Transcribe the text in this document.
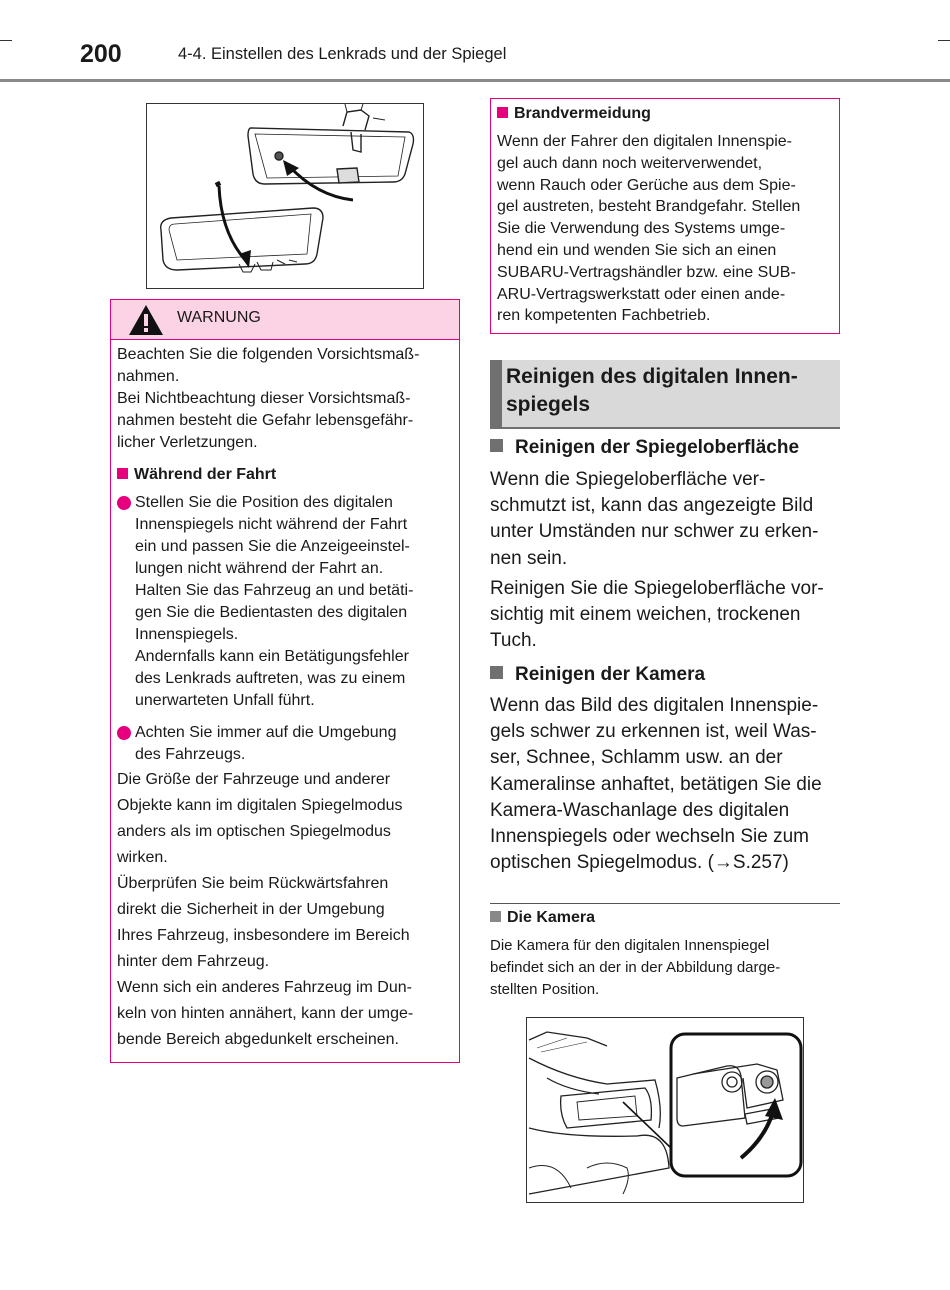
200	4-4. Einstellen des Lenkrads und der Spiegel
WARNUNG
Beachten Sie die folgenden Vorsichtsmaß-
nahmen.
Bei Nichtbeachtung dieser Vorsichtsmaß-
nahmen besteht die Gefahr lebensgefähr-
licher Verletzungen.
Während der Fahrt
Stellen Sie die Position des digitalen
Innenspiegels nicht während der Fahrt
ein und passen Sie die Anzeigeeinstel-
lungen nicht während der Fahrt an.
Halten Sie das Fahrzeug an und betäti-
gen Sie die Bedientasten des digitalen
Innenspiegels.
Andernfalls kann ein Betätigungsfehler
des Lenkrads auftreten, was zu einem
unerwarteten Unfall führt.
Achten Sie immer auf die Umgebung
des Fahrzeugs.
Die Größe der Fahrzeuge und anderer
Objekte kann im digitalen Spiegelmodus
anders als im optischen Spiegelmodus
wirken.
Überprüfen Sie beim Rückwärtsfahren
direkt die Sicherheit in der Umgebung
Ihres Fahrzeug, insbesondere im Bereich
hinter dem Fahrzeug.
Wenn sich ein anderes Fahrzeug im Dun-
keln von hinten annähert, kann der umge-
bende Bereich abgedunkelt erscheinen.
Brandvermeidung
Wenn der Fahrer den digitalen Innenspie-
gel auch dann noch weiterverwendet,
wenn Rauch oder Gerüche aus dem Spie-
gel austreten, besteht Brandgefahr. Stellen
Sie die Verwendung des Systems umge-
hend ein und wenden Sie sich an einen
SUBARU-Vertragshändler bzw. eine SUB-
ARU-Vertragswerkstatt oder einen ande-
ren kompetenten Fachbetrieb.
Reinigen des digitalen Innen-
spiegels
Reinigen der Spiegeloberfläche
Wenn die Spiegeloberfläche ver-
schmutzt ist, kann das angezeigte Bild
unter Umständen nur schwer zu erken-
nen sein.
Reinigen Sie die Spiegeloberfläche vor-
sichtig mit einem weichen, trockenen
Tuch.
Reinigen der Kamera
Wenn das Bild des digitalen Innenspie-
gels schwer zu erkennen ist, weil Was-
ser, Schnee, Schlamm usw. an der
Kameralinse anhaftet, betätigen Sie die
Kamera-Waschanlage des digitalen
Innenspiegels oder wechseln Sie zum
optischen Spiegelmodus. (→S.257)
Die Kamera
Die Kamera für den digitalen Innenspiegel
befindet sich an der in der Abbildung darge-
stellten Position.
